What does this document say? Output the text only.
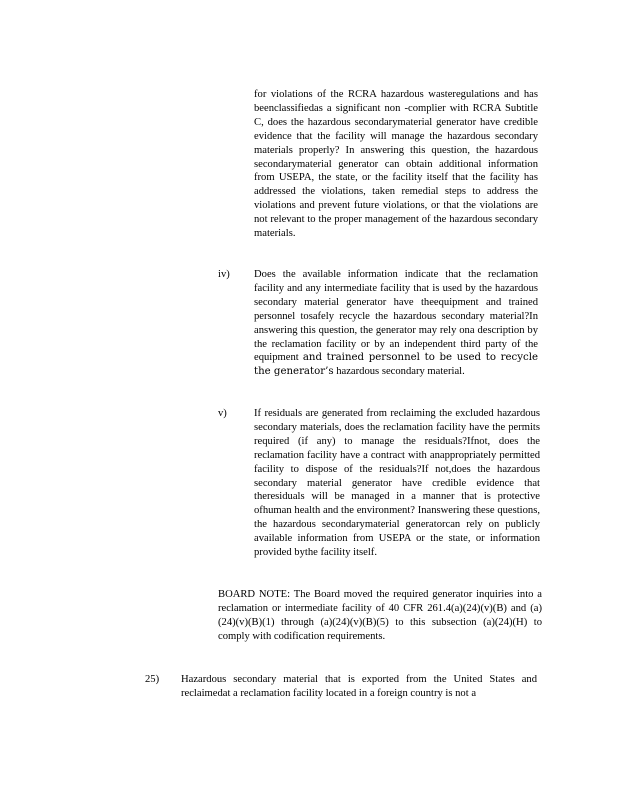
for violations of the RCRA hazardous wasteregulations and has beenclassifiedas a significant non -complier with RCRA Subtitle C, does the hazardous secondarymaterial generator have credible evidence that the facility will manage the hazardous secondary materials properly? In answering this question, the hazardous secondarymaterial generator can obtain additional information from USEPA, the state, or the facility itself that the facility has addressed the violations, taken remedial steps to address the violations and prevent future violations, or that the violations are not relevant to the proper management of the hazardous secondary materials.
iv) Does the available information indicate that the reclamation facility and any intermediate facility that is used by the hazardous secondary material generator have theequipment and trained personnel tosafely recycle the hazardous secondary material?In answering this question, the generator may rely ona description by the reclamation facility or by an independent third party of the equipment and trained personnel to be used to recycle the generator’s hazardous secondary material.
v)	If residuals are generated from reclaiming the excluded hazardous secondary materials, does the reclamation facility have the permits required (if any) to manage the residuals?Ifnot, does the reclamation facility have a contract with anappropriately permitted facility to dispose of the residuals?If not,does the hazardous secondary material generator have credible evidence that theresiduals will be managed in a manner that is protective ofhuman health and the environment? Inanswering these questions, the hazardous secondarymaterial generatorcan rely on publicly available information from USEPA or the state, or information provided bythe facility itself.
BOARD NOTE: The Board moved the required generator inquiries into a reclamation or intermediate facility of 40 CFR 261.4(a)(24)(v)(B) and (a)(24)(v)(B)(1) through (a)(24)(v)(B)(5) to this subsection (a)(24)(H) to comply with codification requirements.
25) Hazardous secondary material that is exported from the United States and reclaimedat a reclamation facility located in a foreign country is not a
